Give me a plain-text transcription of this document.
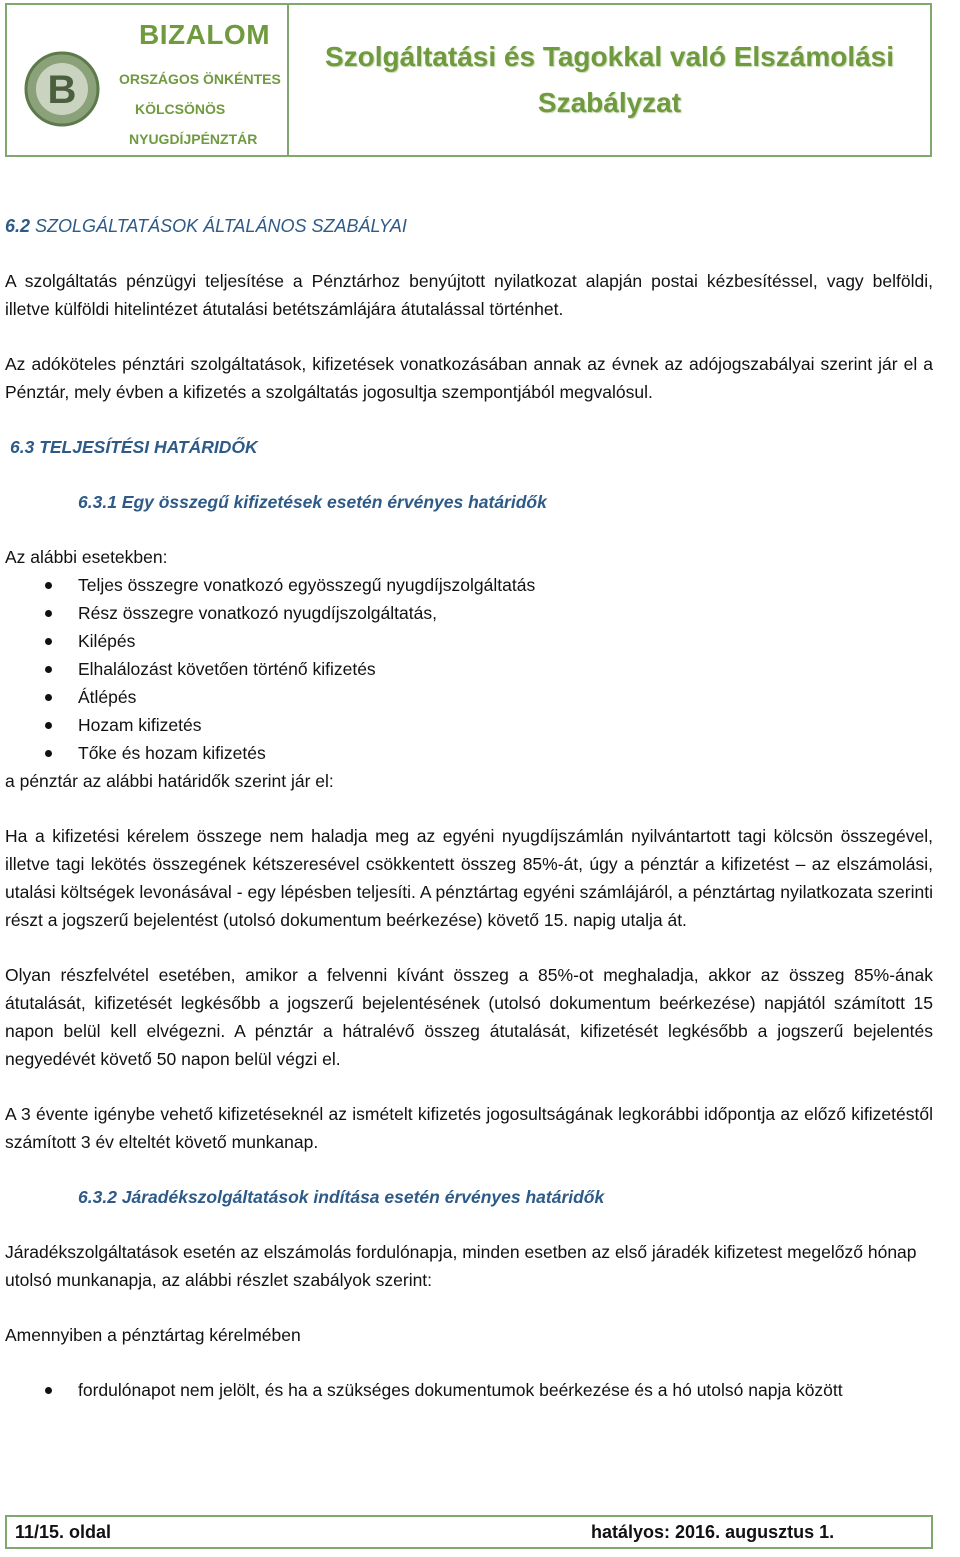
B
BIZALOM
ORSZÁGOS ÖNKÉNTES
KÖLCSÖNÖS
NYUGDÍJPÉNZTÁR
Szolgáltatási és Tagokkal való Elszámolási
Szabályzat

6.2 SZOLGÁLTATÁSOK ÁLTALÁNOS SZABÁLYAI

A szolgáltatás pénzügyi teljesítése a Pénztárhoz benyújtott nyilatkozat alapján postai kézbesítéssel, vagy belföldi, illetve külföldi hitelintézet átutalási betétszámlájára átutalással történhet.

Az adóköteles pénztári szolgáltatások, kifizetések vonatkozásában annak az évnek az adójogszabályai szerint jár el a Pénztár, mely évben a kifizetés a szolgáltatás jogosultja szempontjából megvalósul.

6.3 TELJESÍTÉSI HATÁRIDŐK

6.3.1 Egy összegű kifizetések esetén érvényes határidők

Az alábbi esetekben:

Teljes összegre vonatkozó egyösszegű nyugdíjszolgáltatás
Rész összegre vonatkozó nyugdíjszolgáltatás,
Kilépés
Elhalálozást követően történő kifizetés
Átlépés
Hozam kifizetés
Tőke és hozam kifizetés

a pénztár az alábbi határidők szerint jár el:

Ha a kifizetési kérelem összege nem haladja meg az egyéni nyugdíjszámlán nyilvántartott tagi kölcsön összegével, illetve tagi lekötés összegének kétszeresével csökkentett összeg 85%-át, úgy a pénztár a kifizetést – az elszámolási, utalási költségek levonásával - egy lépésben teljesíti. A pénztártag egyéni számlájáról, a pénztártag nyilatkozata szerinti részt a jogszerű bejelentést (utolsó dokumentum beérkezése) követő 15. napig utalja át.

Olyan részfelvétel esetében, amikor a felvenni kívánt összeg a 85%-ot meghaladja, akkor az összeg 85%-ának átutalását, kifizetését legkésőbb a jogszerű bejelentésének (utolsó dokumentum beérkezése) napjától számított 15 napon belül kell elvégezni. A pénztár a hátralévő összeg átutalását, kifizetését legkésőbb a jogszerű bejelentés negyedévét követő 50 napon belül végzi el.

A 3 évente igénybe vehető kifizetéseknél az ismételt kifizetés jogosultságának legkorábbi időpontja az előző kifizetéstől számított 3 év elteltét követő munkanap.

6.3.2 Járadékszolgáltatások indítása esetén érvényes határidők

Járadékszolgáltatások esetén az elszámolás fordulónapja, minden esetben az első járadék kifizetest megelőző hónap utolsó munkanapja, az alábbi részlet szabályok szerint:

Amennyiben a pénztártag kérelmében

fordulónapot nem jelölt, és ha a szükséges dokumentumok beérkezése és a hó utolsó napja között
11/15. oldal	hatályos: 2016. augusztus 1.
